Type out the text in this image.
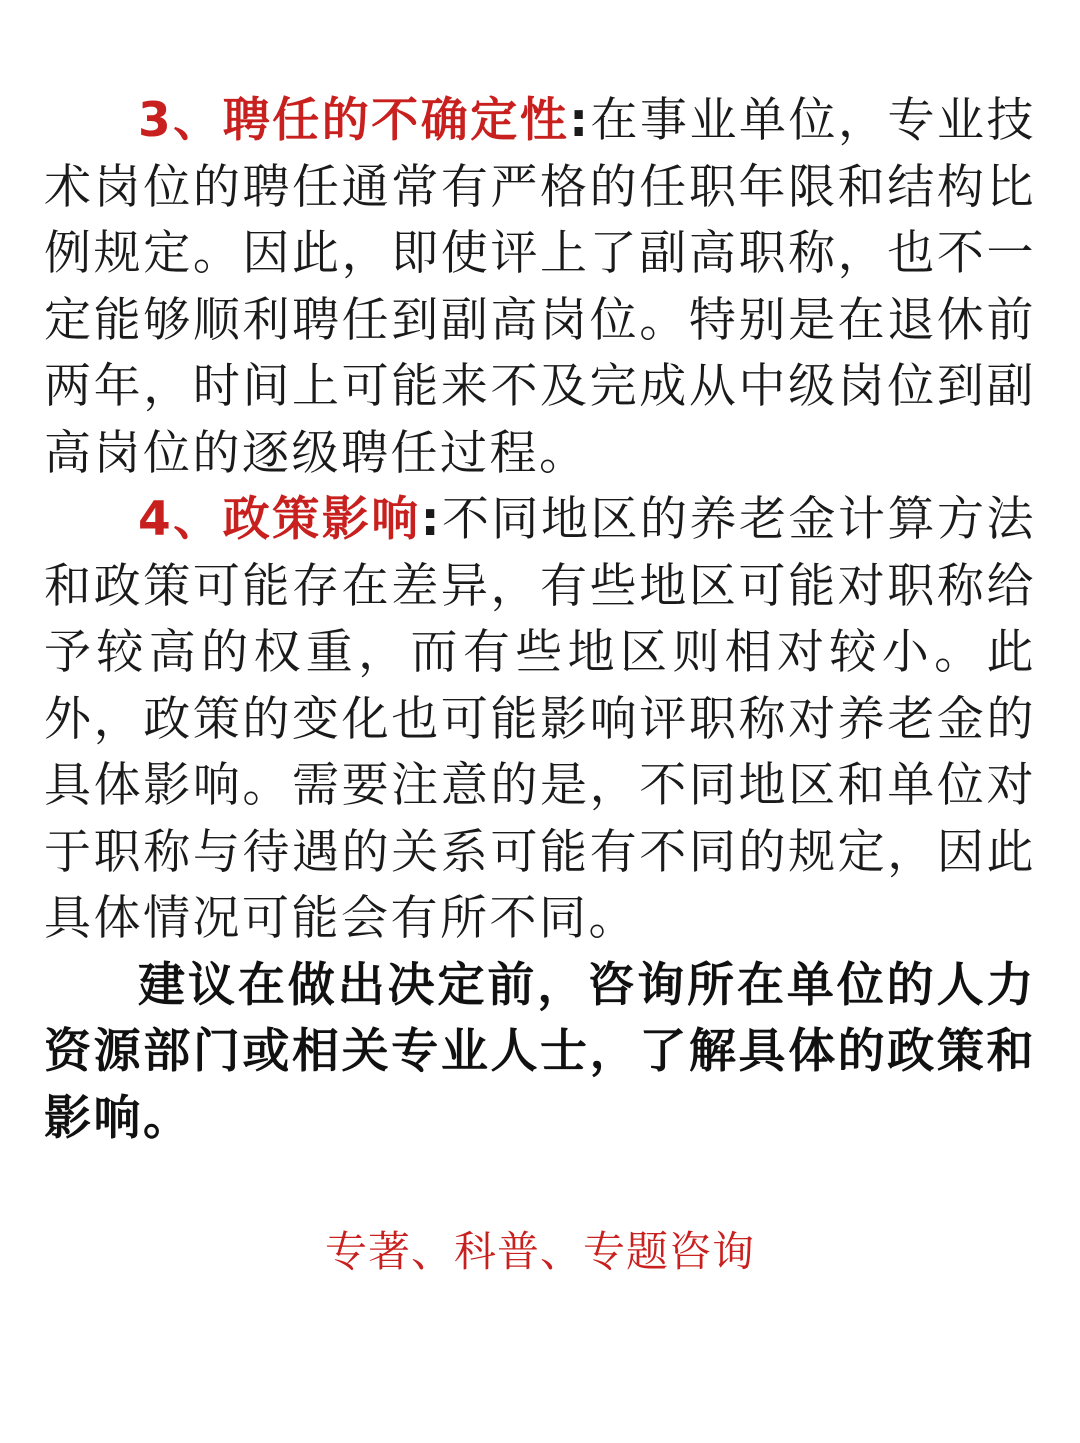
3、聘任的不确定性:在事业单位，专业技术岗位的聘任通常有严格的任职年限和结构比例规定。因此，即使评上了副高职称，也不一定能够顺利聘任到副高岗位。特别是在退休前两年，时间上可能来不及完成从中级岗位到副高岗位的逐级聘任过程。

4、政策影响:不同地区的养老金计算方法和政策可能存在差异，有些地区可能对职称给予较高的权重，而有些地区则相对较小。此外，政策的变化也可能影响评职称对养老金的具体影响。需要注意的是，不同地区和单位对于职称与待遇的关系可能有不同的规定，因此具体情况可能会有所不同。

建议在做出决定前，咨询所在单位的人力资源部门或相关专业人士，了解具体的政策和影响。

专著、科普、专题咨询
